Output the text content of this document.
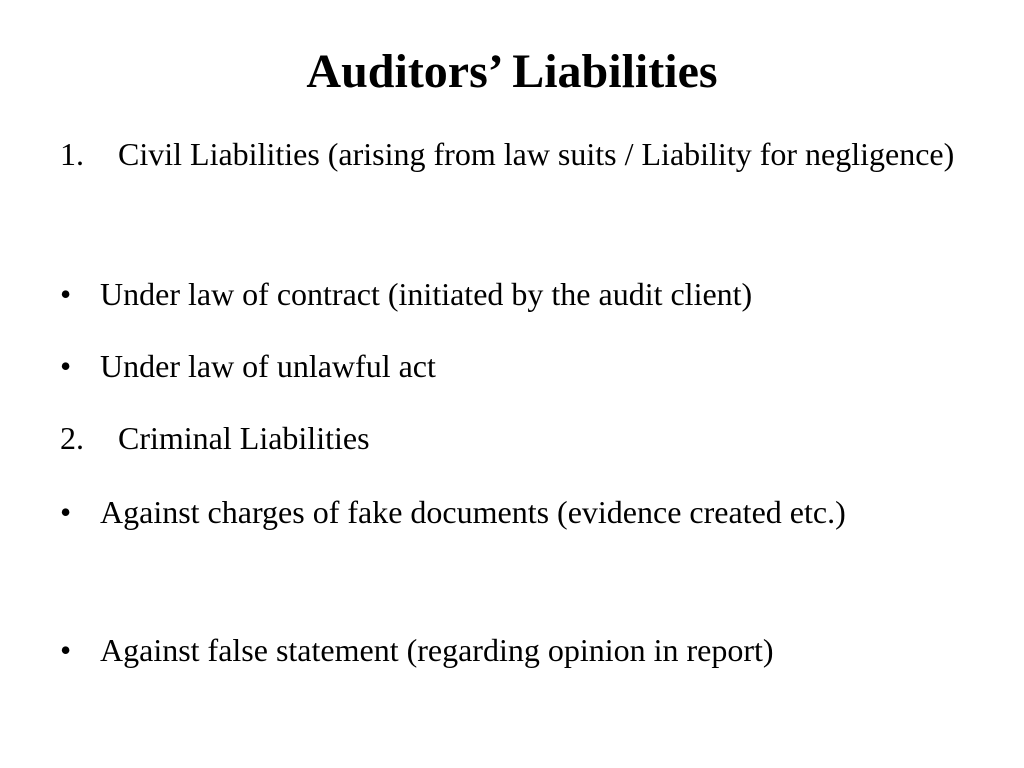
Auditors’ Liabilities
1.	Civil Liabilities (arising from law suits / Liability for negligence)
• Under law of contract (initiated by the audit client)
• Under law of unlawful act
2.	Criminal Liabilities
• Against charges of fake documents (evidence created etc.)
• Against false statement (regarding opinion in report)
